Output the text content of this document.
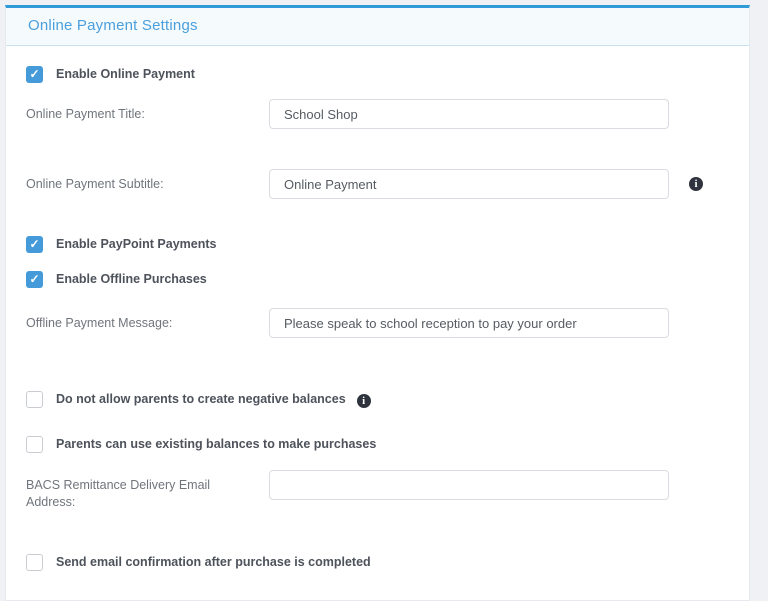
Online Payment Settings
✓ Enable Online Payment
Online Payment Title:
School Shop
Online Payment Subtitle:
Online Payment	i
✓ Enable PayPoint Payments
✓ Enable Offline Purchases
Offline Payment Message:
Please speak to school reception to pay your order
Do not allow parents to create negative balances i
Parents can use existing balances to make purchases
BACS Remittance Delivery Email Address:
Send email confirmation after purchase is completed
